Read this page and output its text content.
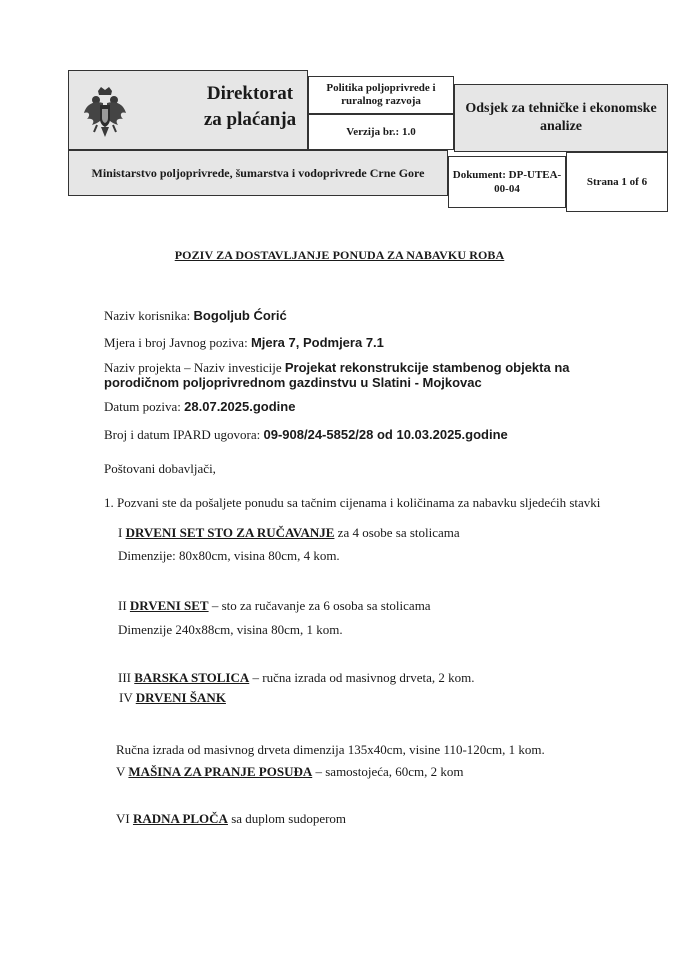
Direktorat
za plaćanja
Politika poljoprivrede i ruralnog razvoja
Verzija br.: 1.0
Odsjek za tehničke i ekonomske analize
Ministarstvo poljoprivrede, šumarstva i vodoprivrede Crne Gore	Dokument: DP-UTEA-00-04
Strana 1 of 6
POZIV ZA DOSTAVLJANJE PONUDA ZA NABAVKU ROBA
Naziv korisnika: Bogoljub Ćorić
Mjera i broj Javnog poziva: Mjera 7, Podmjera 7.1
Naziv projekta – Naziv investicije Projekat rekonstrukcije stambenog objekta na
porodičnom poljoprivrednom gazdinstvu u Slatini - Mojkovac
Datum poziva: 28.07.2025.godine
Broj i datum IPARD ugovora: 09-908/24-5852/28 od 10.03.2025.godine
Poštovani dobavljači,
1. Pozvani ste da pošaljete ponudu sa tačnim cijenama i količinama za nabavku sljedećih stavki
I DRVENI SET STO ZA RUČAVANJE za 4 osobe sa stolicama
Dimenzije: 80x80cm, visina 80cm, 4 kom.
II DRVENI SET – sto za ručavanje za 6 osoba sa stolicama
Dimenzije 240x88cm, visina 80cm, 1 kom.
III BARSKA STOLICA – ručna izrada od masivnog drveta, 2 kom.
IV DRVENI ŠANK
Ručna izrada od masivnog drveta dimenzija 135x40cm, visine 110-120cm, 1 kom.
V MAŠINA ZA PRANJE POSUĐA – samostojeća, 60cm, 2 kom
VI RADNA PLOČA sa duplom sudoperom
